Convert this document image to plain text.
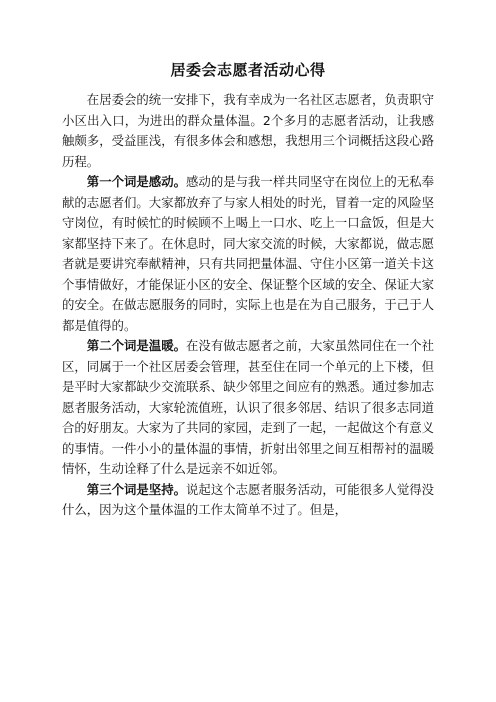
居委会志愿者活动心得

在居委会的统一安排下，我有幸成为一名社区志愿者，负责职守小区出入口，为进出的群众量体温。2个多月的志愿者活动，让我感触颇多，受益匪浅，有很多体会和感想，我想用三个词概括这段心路历程。

第一个词是感动。感动的是与我一样共同坚守在岗位上的无私奉献的志愿者们。大家都放弃了与家人相处的时光，冒着一定的风险坚守岗位，有时候忙的时候顾不上喝上一口水、吃上一口盒饭，但是大家都坚持下来了。在休息时，同大家交流的时候，大家都说，做志愿者就是要讲究奉献精神，只有共同把量体温、守住小区第一道关卡这个事情做好，才能保证小区的安全、保证整个区域的安全、保证大家的安全。在做志愿服务的同时，实际上也是在为自己服务，于己于人都是值得的。

第二个词是温暖。在没有做志愿者之前，大家虽然同住在一个社区，同属于一个社区居委会管理，甚至住在同一个单元的上下楼，但是平时大家都缺少交流联系、缺少邻里之间应有的熟悉。通过参加志愿者服务活动，大家轮流值班，认识了很多邻居、结识了很多志同道合的好朋友。大家为了共同的家园，走到了一起，一起做这个有意义的事情。一件小小的量体温的事情，折射出邻里之间互相帮衬的温暖情怀，生动诠释了什么是远亲不如近邻。

第三个词是坚持。说起这个志愿者服务活动，可能很多人觉得没什么，因为这个量体温的工作太简单不过了。但是，
